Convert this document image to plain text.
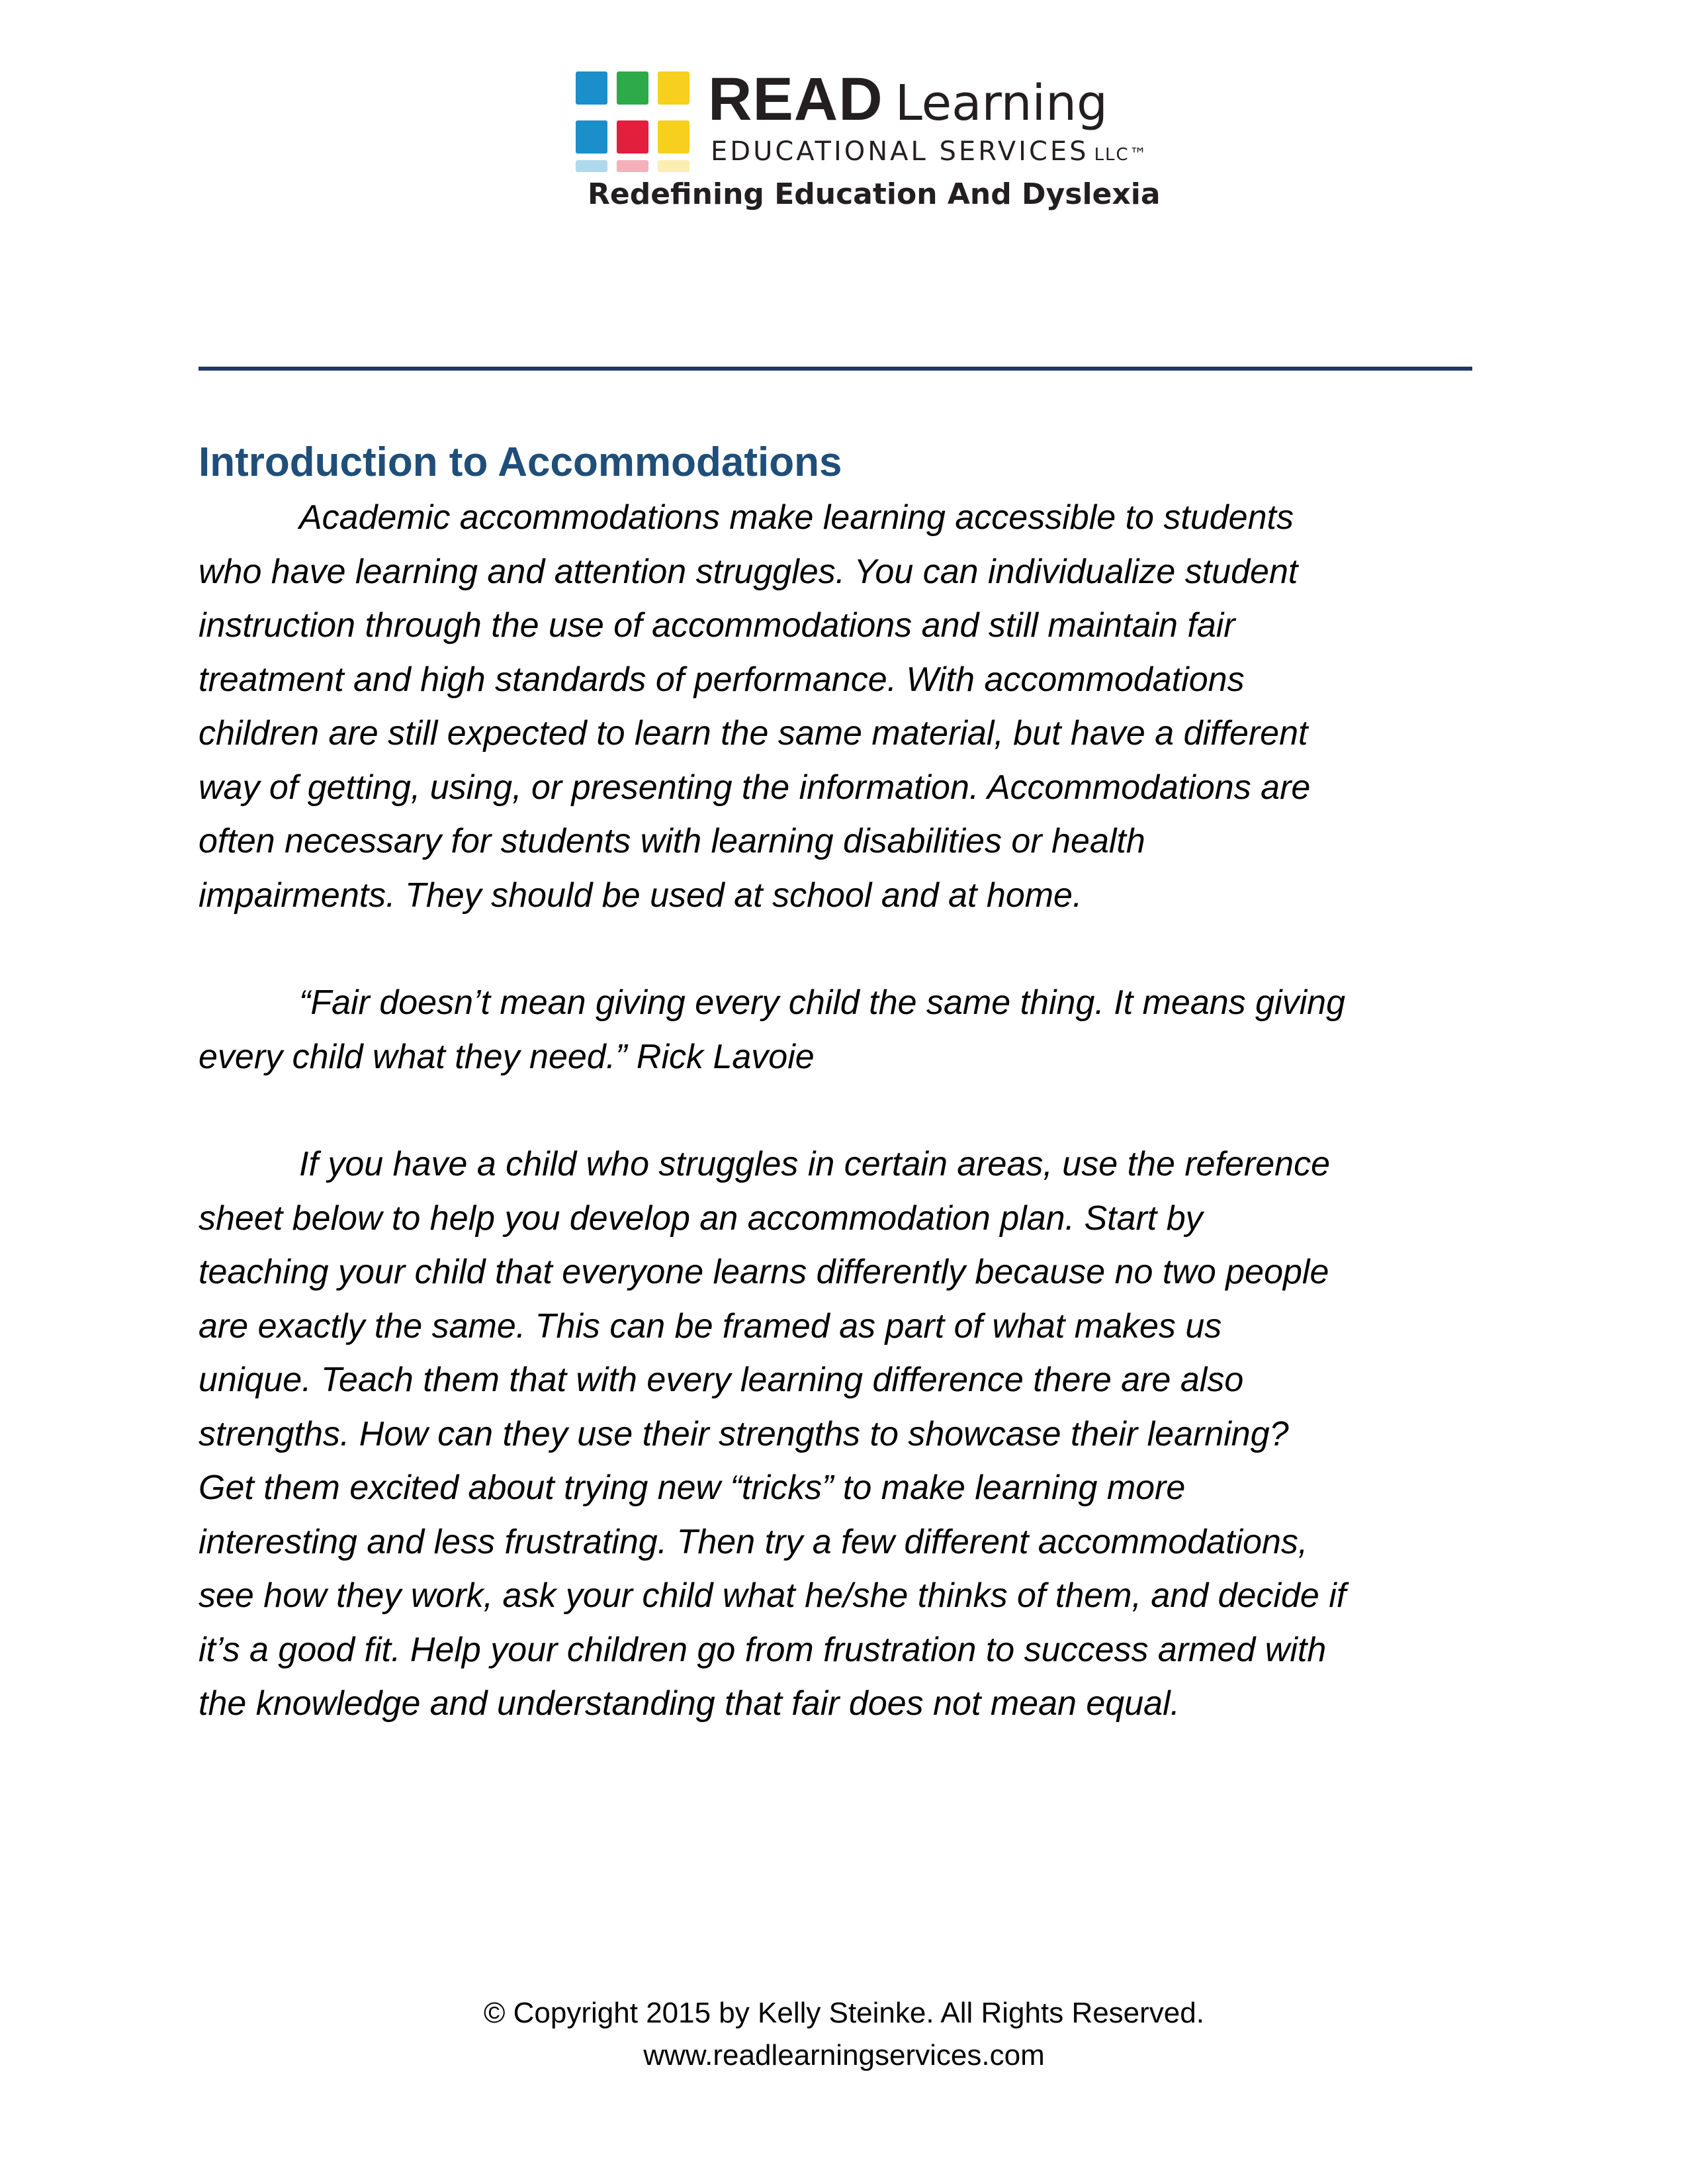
READ Learning
EDUCATIONAL SERVICES LLC™
Redefining Education And Dyslexia
Introduction to Accommodations

Academic accommodations make learning accessible to students
who have learning and attention struggles. You can individualize student
instruction through the use of accommodations and still maintain fair
treatment and high standards of performance. With accommodations
children are still expected to learn the same material, but have a different
way of getting, using, or presenting the information. Accommodations are
often necessary for students with learning disabilities or health
impairments. They should be used at school and at home.

“Fair doesn’t mean giving every child the same thing. It means giving
every child what they need.” Rick Lavoie

If you have a child who struggles in certain areas, use the reference
sheet below to help you develop an accommodation plan. Start by
teaching your child that everyone learns differently because no two people
are exactly the same. This can be framed as part of what makes us
unique. Teach them that with every learning difference there are also
strengths. How can they use their strengths to showcase their learning?
Get them excited about trying new “tricks” to make learning more
interesting and less frustrating. Then try a few different accommodations,
see how they work, ask your child what he/she thinks of them, and decide if
it’s a good fit. Help your children go from frustration to success armed with
the knowledge and understanding that fair does not mean equal.

© Copyright 2015 by Kelly Steinke. All Rights Reserved.
www.readlearningservices.com
